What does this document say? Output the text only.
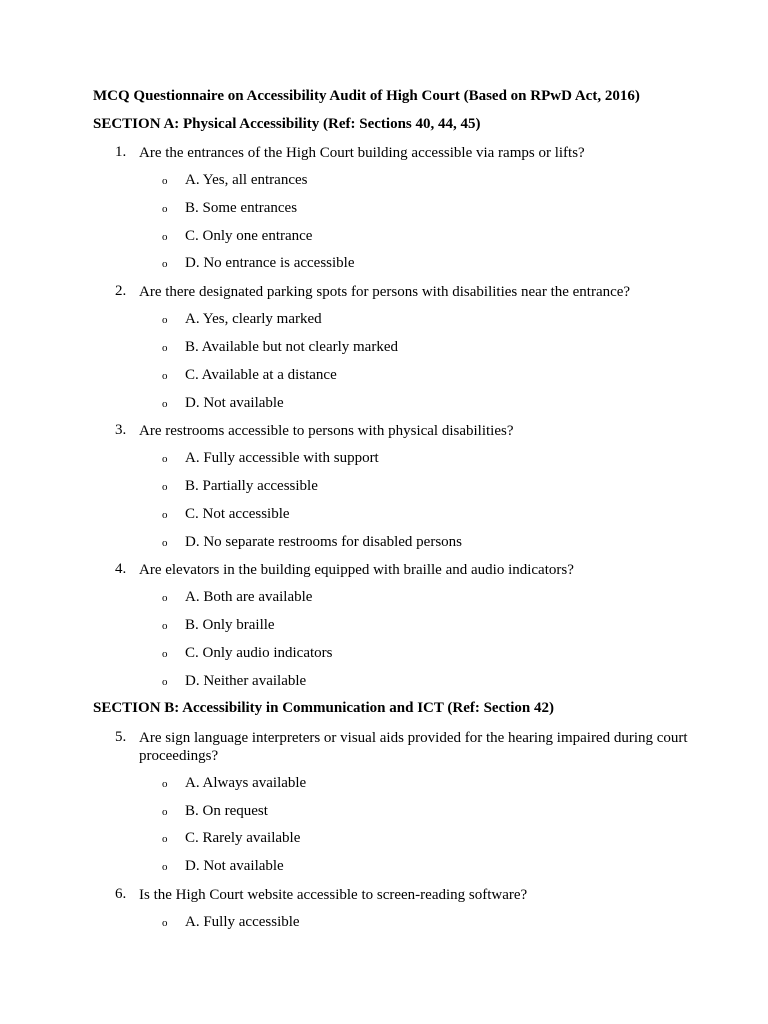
MCQ Questionnaire on Accessibility Audit of High Court (Based on RPwD Act, 2016)
SECTION A: Physical Accessibility (Ref: Sections 40, 44, 45)
1. Are the entrances of the High Court building accessible via ramps or lifts?
o A. Yes, all entrances
o B. Some entrances
o C. Only one entrance
o D. No entrance is accessible
2. Are there designated parking spots for persons with disabilities near the entrance?
o A. Yes, clearly marked
o B. Available but not clearly marked
o C. Available at a distance
o D. Not available
3. Are restrooms accessible to persons with physical disabilities?
o A. Fully accessible with support
o B. Partially accessible
o C. Not accessible
o D. No separate restrooms for disabled persons
4. Are elevators in the building equipped with braille and audio indicators?
o A. Both are available
o B. Only braille
o C. Only audio indicators
o D. Neither available
SECTION B: Accessibility in Communication and ICT (Ref: Section 42)
5. Are sign language interpreters or visual aids provided for the hearing impaired during court proceedings?
o A. Always available
o B. On request
o C. Rarely available
o D. Not available
6. Is the High Court website accessible to screen-reading software?
o A. Fully accessible
